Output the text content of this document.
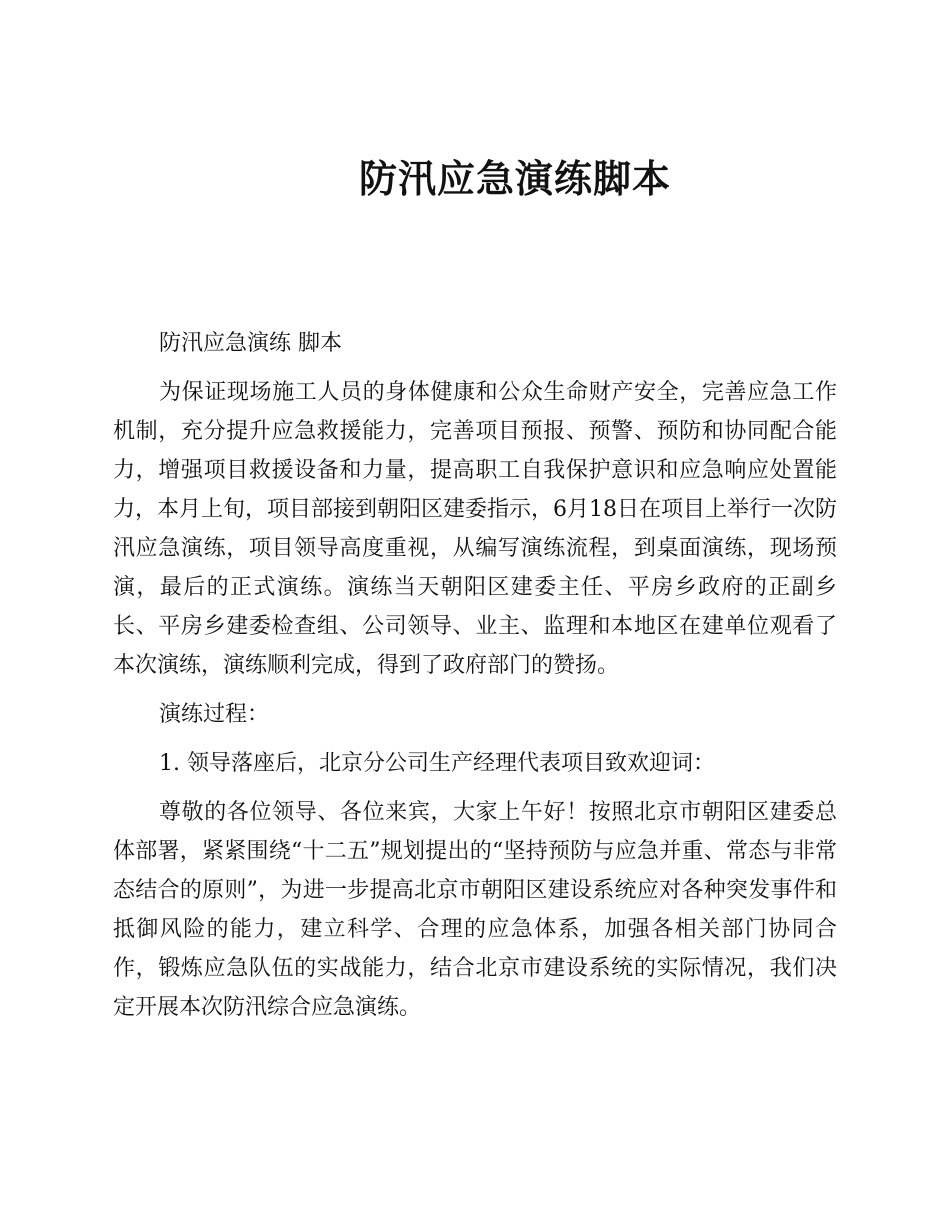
防汛应急演练脚本

防汛应急演练 脚本

为保证现场施工人员的身体健康和公众生命财产安全，完善应急工作机制，充分提升应急救援能力，完善项目预报、预警、预防和协同配合能力，增强项目救援设备和力量，提高职工自我保护意识和应急响应处置能力，本月上旬，项目部接到朝阳区建委指示，6月18日在项目上举行一次防汛应急演练，项目领导高度重视，从编写演练流程，到桌面演练，现场预演，最后的正式演练。演练当天朝阳区建委主任、平房乡政府的正副乡长、平房乡建委检查组、公司领导、业主、监理和本地区在建单位观看了本次演练，演练顺利完成，得到了政府部门的赞扬。

演练过程：

1. 领导落座后，北京分公司生产经理代表项目致欢迎词：

尊敬的各位领导、各位来宾，大家上午好！按照北京市朝阳区建委总体部署，紧紧围绕“十二五”规划提出的“坚持预防与应急并重、常态与非常态结合的原则”，为进一步提高北京市朝阳区建设系统应对各种突发事件和抵御风险的能力，建立科学、合理的应急体系，加强各相关部门协同合作，锻炼应急队伍的实战能力，结合北京市建设系统的实际情况，我们决定开展本次防汛综合应急演练。
